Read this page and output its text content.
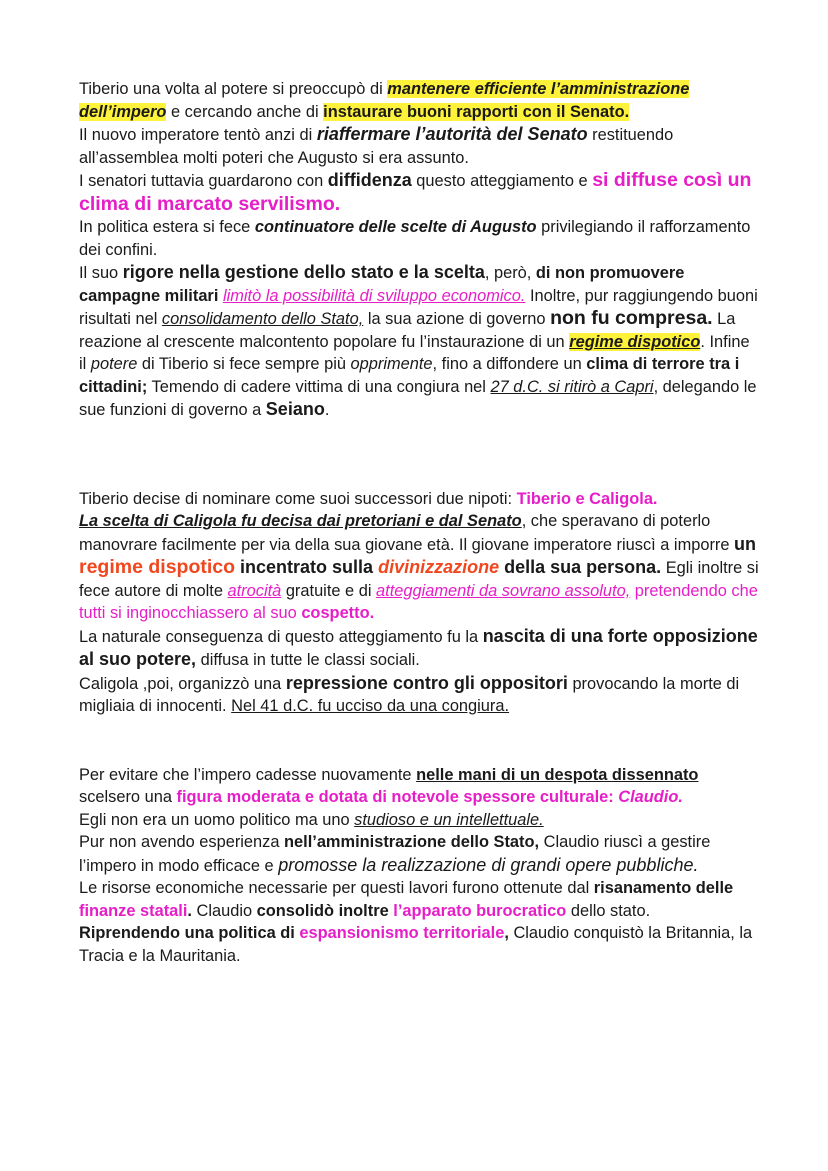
Tiberio una volta al potere si preoccupò di mantenere efficiente l’amministrazione dell’impero e cercando anche di instaurare buoni rapporti con il Senato.

Il nuovo imperatore tentò anzi di riaffermare l’autorità del Senato restituendo all’assemblea molti poteri che Augusto si era assunto.

I senatori tuttavia guardarono con diffidenza questo atteggiamento e si diffuse così un clima di marcato servilismo.

In politica estera si fece continuatore delle scelte di Augusto privilegiando il rafforzamento dei confini.

Il suo rigore nella gestione dello stato e la scelta, però, di non promuovere campagne militari limitò la possibilità di sviluppo economico. Inoltre, pur raggiungendo buoni risultati nel consolidamento dello Stato, la sua azione di governo non fu compresa. La reazione al crescente malcontento popolare fu l’instaurazione di un regime dispotico. Infine il potere di Tiberio si fece sempre più opprimente, fino a diffondere un clima di terrore tra i cittadini; Temendo di cadere vittima di una congiura nel 27 d.C. si ritirò a Capri, delegando le sue funzioni di governo a Seiano.

Tiberio decise di nominare come suoi successori due nipoti: Tiberio e Caligola.

La scelta di Caligola fu decisa dai pretoriani e dal Senato, che speravano di poterlo manovrare facilmente per via della sua giovane età. Il giovane imperatore riuscì a imporre un regime dispotico incentrato sulla divinizzazione della sua persona. Egli inoltre si fece autore di molte atrocità gratuite e di atteggiamenti da sovrano assoluto, pretendendo che tutti si inginocchiassero al suo cospetto.

La naturale conseguenza di questo atteggiamento fu la nascita di una forte opposizione al suo potere, diffusa in tutte le classi sociali.

Caligola ,poi, organizzò una repressione contro gli oppositori provocando la morte di migliaia di innocenti. Nel 41 d.C. fu ucciso da una congiura.

Per evitare che l’impero cadesse nuovamente nelle mani di un despota dissennato scelsero una figura moderata e dotata di notevole spessore culturale: Claudio.

Egli non era un uomo politico ma uno studioso e un intellettuale.

Pur non avendo esperienza nell’amministrazione dello Stato, Claudio riuscì a gestire l’impero in modo efficace e promosse la realizzazione di grandi opere pubbliche.

Le risorse economiche necessarie per questi lavori furono ottenute dal risanamento delle finanze statali. Claudio consolidò inoltre l’apparato burocratico dello stato.

Riprendendo una politica di espansionismo territoriale, Claudio conquistò la Britannia, la Tracia e la Mauritania.
